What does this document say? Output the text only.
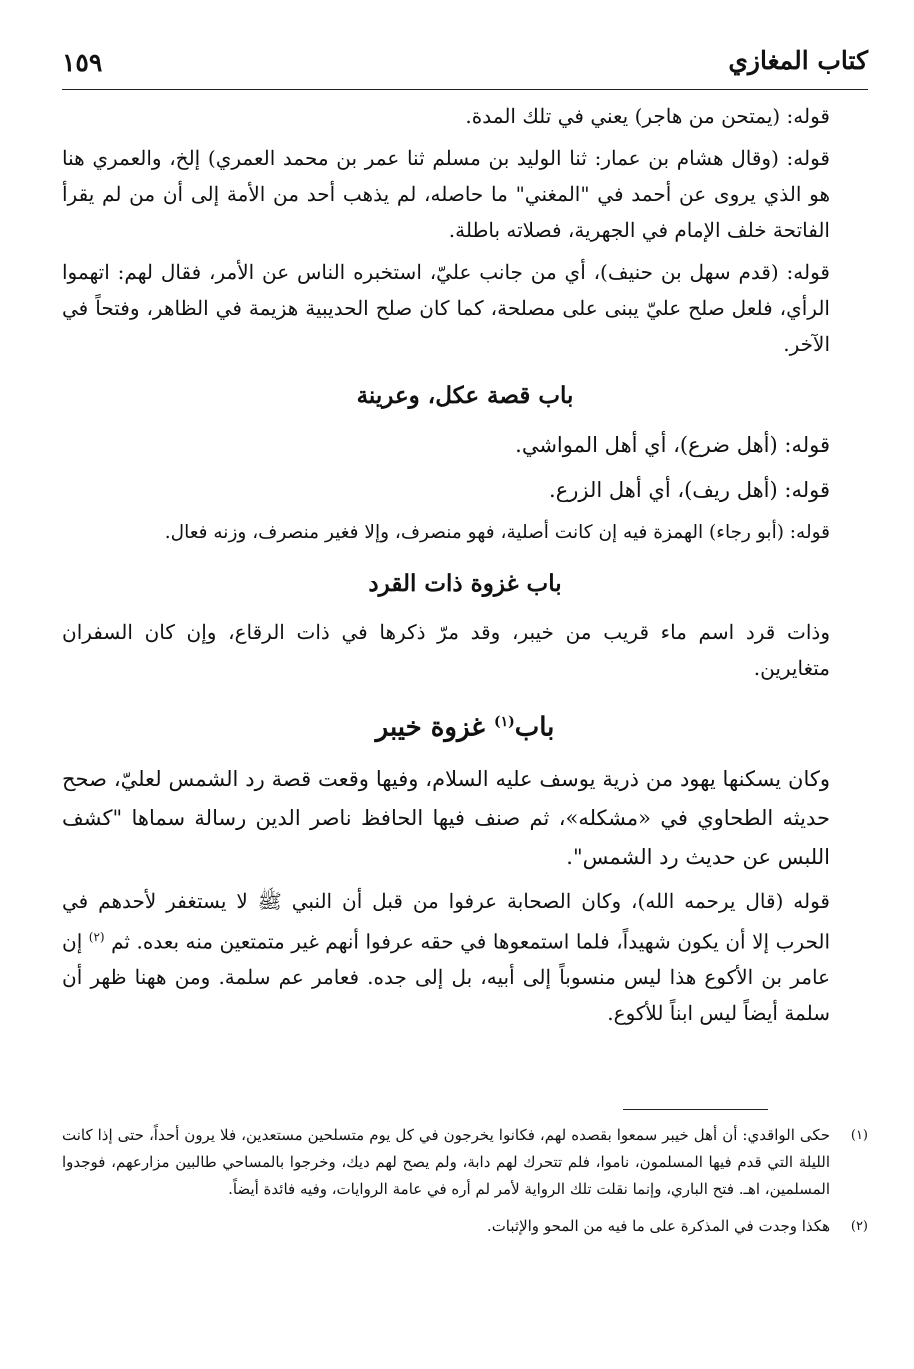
كتاب المغازي
١٥٩

قوله: (يمتحن من هاجر) يعني في تلك المدة.

قوله: (وقال هشام بن عمار: ثنا الوليد بن مسلم ثنا عمر بن محمد العمري) إلخ، والعمري هنا هو الذي يروى عن أحمد في "المغني" ما حاصله، لم يذهب أحد من الأمة إلى أن من لم يقرأ الفاتحة خلف الإمام في الجهرية، فصلاته باطلة.

قوله: (قدم سهل بن حنيف)، أي من جانب عليّ، استخبره الناس عن الأمر، فقال لهم: اتهموا الرأي، فلعل صلح عليّ يبنى على مصلحة، كما كان صلح الحديبية هزيمة في الظاهر، وفتحاً في الآخر.

باب قصة عكل، وعرينة

قوله: (أهل ضرع)، أي أهل المواشي.

قوله: (أهل ريف)، أي أهل الزرع.

قوله: (أبو رجاء) الهمزة فيه إن كانت أصلية، فهو منصرف، وإلا فغير منصرف، وزنه فعال.

باب غزوة ذات القرد

وذات قرد اسم ماء قريب من خيبر، وقد مرّ ذكرها في ذات الرقاع، وإن كان السفران متغايرين.

باب$^{(١)}$ غزوة خيبر

وكان يسكنها يهود من ذرية يوسف عليه السلام، وفيها وقعت قصة رد الشمس لعليّ، صحح حديثه الطحاوي في «مشكله»، ثم صنف فيها الحافظ ناصر الدين رسالة سماها "كشف اللبس عن حديث رد الشمس".

قوله (قال يرحمه الله)، وكان الصحابة عرفوا من قبل أن النبي ﷺ لا يستغفر لأحدهم في الحرب إلا أن يكون شهيداً، فلما استمعوها في حقه عرفوا أنهم غير متمتعين منه بعده. ثم $^{(٢)}$ إن عامر بن الأكوع هذا ليس منسوباً إلى أبيه، بل إلى جده. فعامر عم سلمة. ومن ههنا ظهر أن سلمة أيضاً ليس ابناً للأكوع.

(١)
حكى الواقدي: أن أهل خيبر سمعوا بقصده لهم، فكانوا يخرجون في كل يوم متسلحين مستعدين، فلا يرون أحداً، حتى إذا كانت الليلة التي قدم فيها المسلمون، ناموا، فلم تتحرك لهم دابة، ولم يصح لهم ديك، وخرجوا بالمساحي طالبين مزارعهم، فوجدوا المسلمين، اهـ. فتح الباري، وإنما نقلت تلك الرواية لأمر لم أره في عامة الروايات، وفيه فائدة أيضاً.
(٢)
هكذا وجدت في المذكرة على ما فيه من المحو والإثبات.
